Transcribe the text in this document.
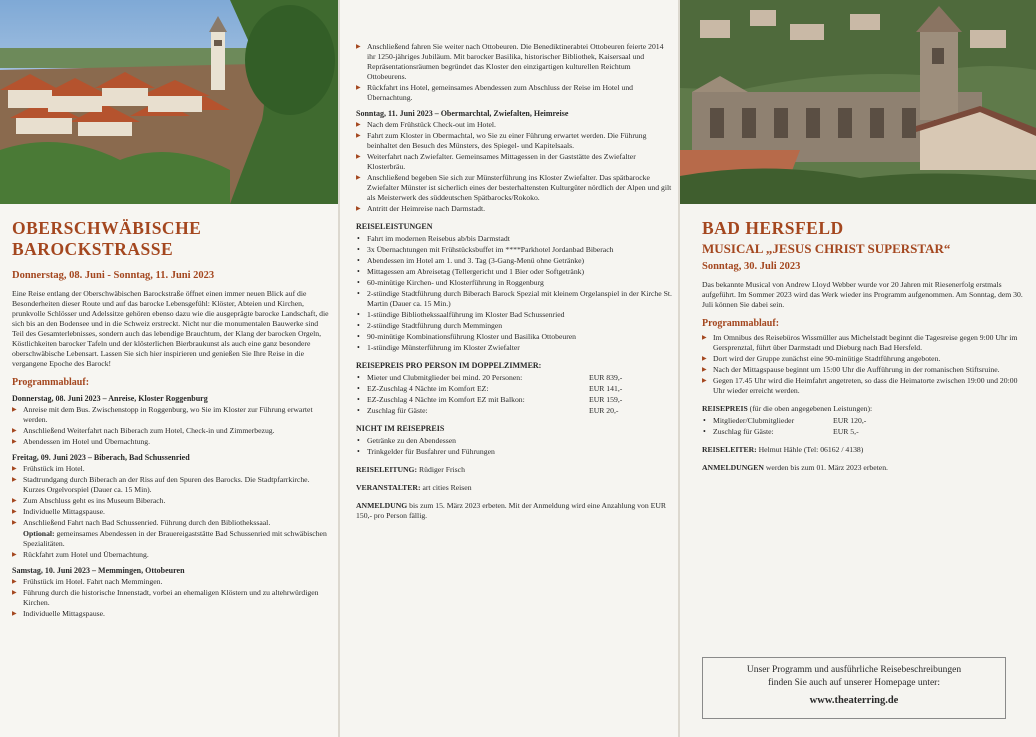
OBERSCHWÄBISCHE BAROCKSTRASSE
Donnerstag, 08. Juni - Sonntag, 11. Juni 2023

Eine Reise entlang der Oberschwäbischen Barockstraße öffnet einen immer neuen Blick auf die Besonderheiten dieser Route und auf das barocke Lebensgefühl: Klöster, Abteien und Kirchen, prunkvolle Schlösser und Adelssitze gehören ebenso dazu wie die ausgeprägte barocke Landschaft, die sich bis an den Bodensee und in die Schweiz erstreckt. Nicht nur die monumentalen Bauwerke sind Teil des Gesamterlebnisses, sondern auch das lebendige Brauchtum, der Klang der barocken Orgeln, Köstlichkeiten barocker Tafeln und der klösterlichen Bierbraukunst als auch eine ganz besondere oberschwäbische Lebensart. Lassen Sie sich hier inspirieren und genießen Sie Ihre Reise in die vergangene Epoche des Barock!

Programmablauf:
Donnerstag, 08. Juni 2023 – Anreise, Kloster Roggenburg
▶ Anreise mit dem Bus. Zwischenstopp in Roggenburg, wo Sie im Kloster zur Führung erwartet werden.
▶ Anschließend Weiterfahrt nach Biberach zum Hotel, Check-in und Zimmerbezug.
▶ Abendessen im Hotel und Übernachtung.
Freitag, 09. Juni 2023 – Biberach, Bad Schussenried
▶ Frühstück im Hotel.
▶ Stadtrundgang durch Biberach an der Riss auf den Spuren des Barocks. Die Stadtpfarrkirche. Kurzes Orgelvorspiel (Dauer ca. 15 Min).
▶ Zum Abschluss geht es ins Museum Biberach.
▶ Individuelle Mittagspause.
▶ Anschließend Fahrt nach Bad Schussenried. Führung durch den Bibliothekssaal.
Optional: gemeinsames Abendessen in der Brauereigaststätte Bad Schussenried mit schwäbischen Spezialitäten.
▶ Rückfahrt zum Hotel und Übernachtung.
Samstag, 10. Juni 2023 – Memmingen, Ottobeuren
▶ Frühstück im Hotel. Fahrt nach Memmingen.
▶ Führung durch die historische Innenstadt, vorbei an ehemaligen Klöstern und zu altehrwürdigen Kirchen.
▶ Individuelle Mittagspause.
▶ Anschließend fahren Sie weiter nach Ottobeuren. Die Benediktinerabtei Ottobeuren feierte 2014 ihr 1250-jähriges Jubiläum. Mit barocker Basilika, historischer Bibliothek, Kaisersaal und Repräsentationsräumen begründet das Kloster den einzigartigen kulturellen Reichtum Ottobeurens.
▶ Rückfahrt ins Hotel, gemeinsames Abendessen zum Abschluss der Reise im Hotel und Übernachtung.
Sonntag, 11. Juni 2023 – Obermarchtal, Zwiefalten, Heimreise
▶ Nach dem Frühstück Check-out im Hotel.
▶ Fahrt zum Kloster in Obermachtal, wo Sie zu einer Führung erwartet werden. Die Führung beinhaltet den Besuch des Münsters, des Spiegel- und Kapitelsaals.
▶ Weiterfahrt nach Zwiefalter. Gemeinsames Mittagessen in der Gaststätte des Zwiefalter Klosterbräu.
▶ Anschließend begeben Sie sich zur Münsterführung ins Kloster Zwiefalter. Das spätbarocke Zwiefalter Münster ist sicherlich eines der besterhaltensten Kulturgüter nördlich der Alpen und gilt als Meisterwerk des süddeutschen Spätbarocks/Rokoko.
▶ Antritt der Heimreise nach Darmstadt.
REISELEISTUNGEN
• Fahrt im modernen Reisebus ab/bis Darmstadt
• 3x Übernachtungen mit Frühstücksbuffet im ****Parkhotel Jordanbad Biberach
• Abendessen im Hotel am 1. und 3. Tag (3-Gang-Menü ohne Getränke)
• Mittagessen am Abreisetag (Tellergericht und 1 Bier oder Softgetränk)
• 60-minütige Kirchen- und Klosterführung in Roggenburg
• 2-stündige Stadtführung durch Biberach Barock Spezial mit kleinem Orgelanspiel in der Kirche St. Martin (Dauer ca. 15 Min.)
• 1-stündige Bibliothekssaalführung im Kloster Bad Schussenried
• 2-stündige Stadtführung durch Memmingen
• 90-minütige Kombinationsführung Kloster und Basilika Ottobeuren
• 1-stündige Münsterführung im Kloster Zwiefalter
REISEPREIS PRO PERSON IM DOPPELZIMMER:
• Mieter und Clubmitglieder bei mind. 20 Personen:	EUR 839,-
• EZ-Zuschlag 4 Nächte im Komfort EZ:	EUR 141,-
• EZ-Zuschlag 4 Nächte im Komfort EZ mit Balkon:	EUR 159,-
• Zuschlag für Gäste:	EUR 20,-
NICHT IM REISEPREIS
• Getränke zu den Abendessen
• Trinkgelder für Busfahrer und Führungen
REISELEITUNG: Rüdiger Frisch
VERANSTALTER: art cities Reisen
ANMELDUNG bis zum 15. März 2023 erbeten. Mit der Anmeldung wird eine Anzahlung von EUR 150,- pro Person fällig.
BAD HERSFELD
MUSICAL „JESUS CHRIST SUPERSTAR“
Sonntag, 30. Juli 2023

Das bekannte Musical von Andrew Lloyd Webber wurde vor 20 Jahren mit Riesenerfolg erstmals aufgeführt. Im Sommer 2023 wird das Werk wieder ins Programm aufgenommen. Am Sonntag, dem 30. Juli können Sie dabei sein.

Programmablauf:
▶ Im Omnibus des Reisebüros Wissmüller aus Michelstadt beginnt die Tagesreise gegen 9:00 Uhr im Gersprenztal, führt über Darmstadt und Dieburg nach Bad Hersfeld.
▶ Dort wird der Gruppe zunächst eine 90-minütige Stadtführung angeboten.
▶ Nach der Mittagspause beginnt um 15:00 Uhr die Aufführung in der romanischen Stiftsruine.
▶ Gegen 17.45 Uhr wird die Heimfahrt angetreten, so dass die Heimatorte zwischen 19:00 und 20:00 Uhr wieder erreicht werden.
REISEPREIS (für die oben angegebenen Leistungen):
• Mitglieder/Clubmitglieder	EUR 120,-
• Zuschlag für Gäste:	EUR 5,-
REISELEITER: Helmut Hähle (Tel: 06162 / 4138)
ANMELDUNGEN werden bis zum 01. März 2023 erbeten.
Unser Programm und ausführliche Reisebeschreibungen
finden Sie auch auf unserer Homepage unter:
www.theaterring.de
